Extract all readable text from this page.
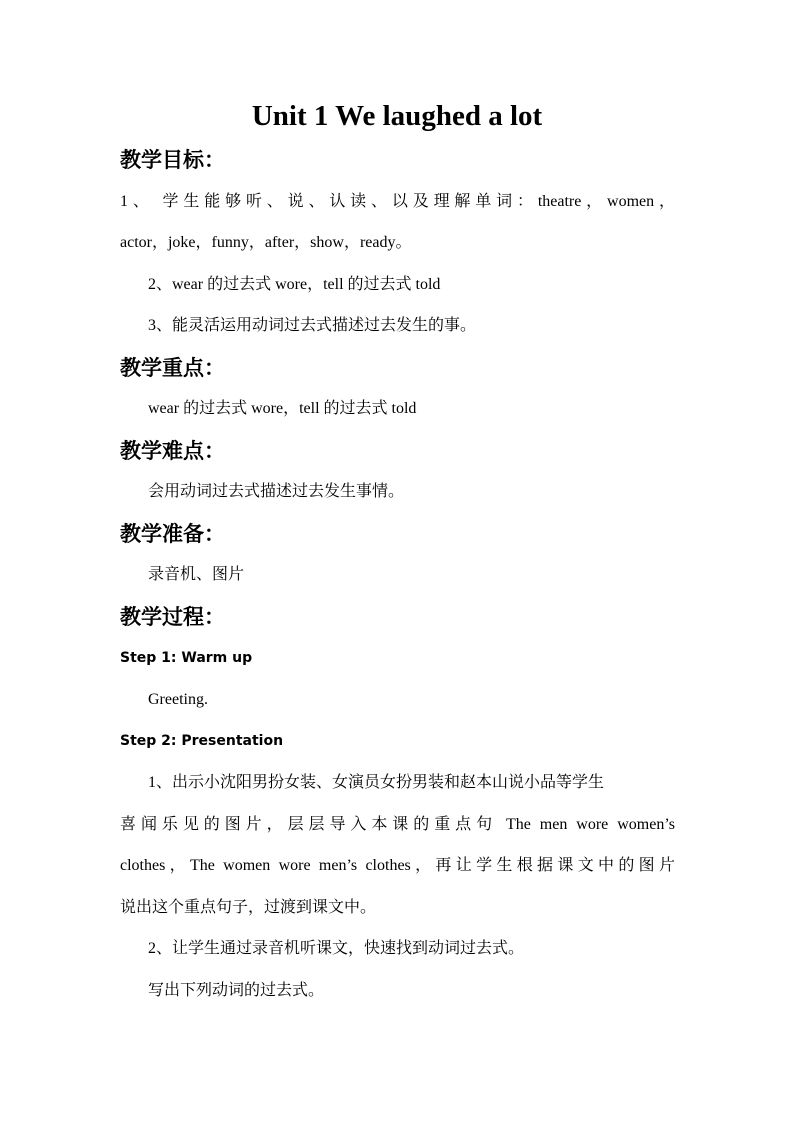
Unit 1 We laughed a lot
教学目标：
1、 学生能够听、说、认读、以及理解单词：theatre，women，
actor，joke，funny，after，show，ready。
2、wear 的过去式 wore，tell 的过去式 told
3、能灵活运用动词过去式描述过去发生的事。
教学重点：
wear 的过去式 wore，tell 的过去式 told
教学难点：
会用动词过去式描述过去发生事情。
教学准备：
录音机、图片
教学过程：
Step 1: Warm up
Greeting.
Step 2: Presentation
1、出示小沈阳男扮女装、女演员女扮男装和赵本山说小品等学生
喜闻乐见的图片，层层导入本课的重点句 The men wore women’s
clothes，The women wore men’s clothes，再让学生根据课文中的图片
说出这个重点句子，过渡到课文中。
2、让学生通过录音机听课文，快速找到动词过去式。
写出下列动词的过去式。
